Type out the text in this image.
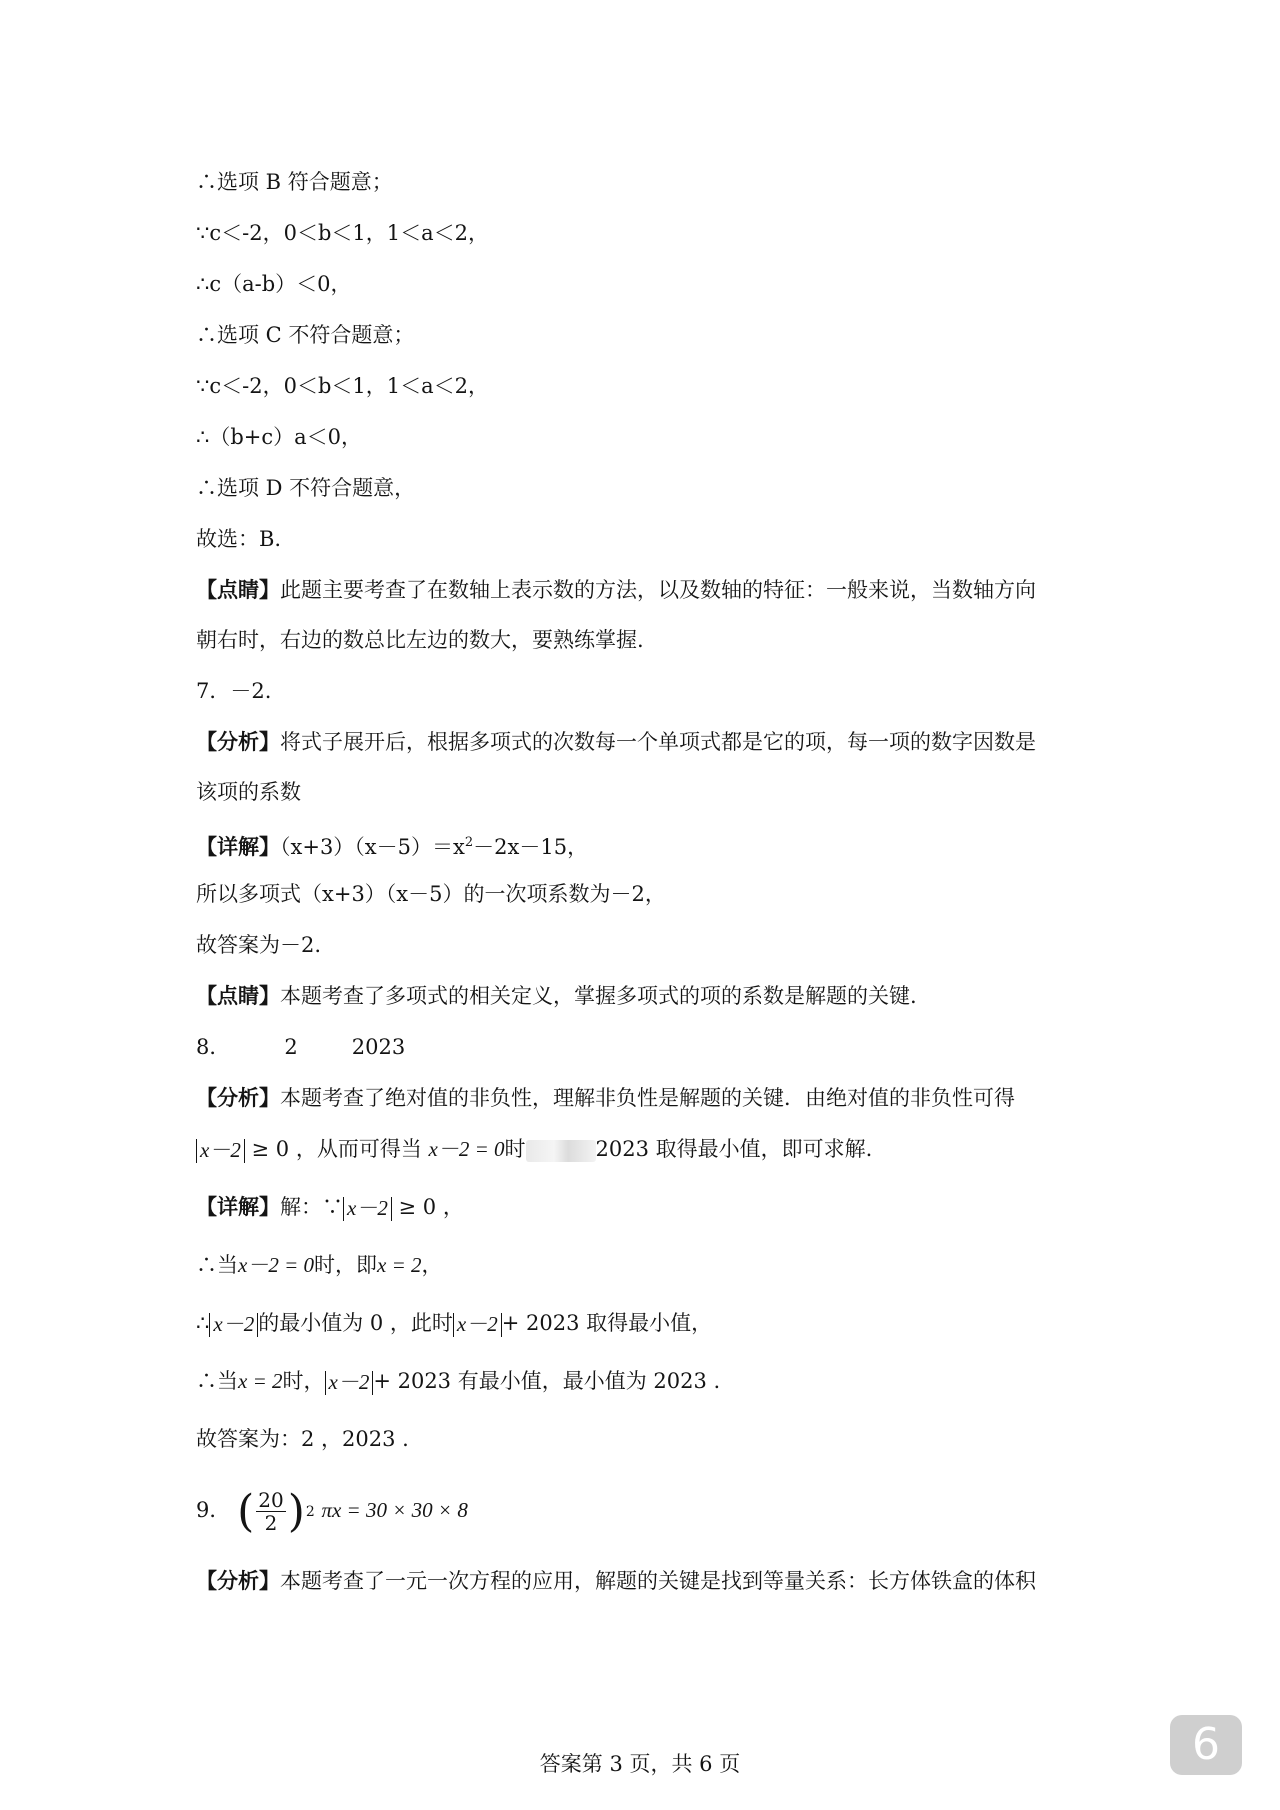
∴选项 B 符合题意；
∵c＜-2，0＜b＜1，1＜a＜2，
∴c（a-b）＜0，
∴选项 C 不符合题意；
∵c＜-2，0＜b＜1，1＜a＜2，
∴（b+c）a＜0，
∴选项 D 不符合题意，
故选：B.
【点睛】此题主要考查了在数轴上表示数的方法，以及数轴的特征：一般来说，当数轴方向
朝右时，右边的数总比左边的数大，要熟练掌握.
7．－2.
【分析】将式子展开后，根据多项式的次数每一个单项式都是它的项，每一项的数字因数是
该项的系数
【详解】$(x+3)(x-5)=x^2-2x-15$，
所以多项式（x+3）（x－5）的一次项系数为－2，
故答案为－2.
【点睛】本题考查了多项式的相关定义，掌握多项式的项的系数是解题的关键.
8．	2	2023
【分析】本题考查了绝对值的非负性，理解非负性是解题的关键．由绝对值的非负性可得
x－2 ≥ 0 ，从而可得当 x－2 = 0时	2023 取得最小值，即可求解.
【详解】解：∵ x－2 ≥ 0 ，
∴当x－2 = 0时，即x = 2，
∴ x－2 的最小值为 0 ，此时 x－2 + 2023 取得最小值，
∴当x = 2时， x－2 + 2023 有最小值，最小值为 2023 .
故答案为：2 ，2023 .
9． ( $\frac{20}{2}$ ) 2 πx = 30 × 30 × 8
【分析】本题考查了一元一次方程的应用，解题的关键是找到等量关系：长方体铁盒的体积
答案第 3 页，共 6 页	6
